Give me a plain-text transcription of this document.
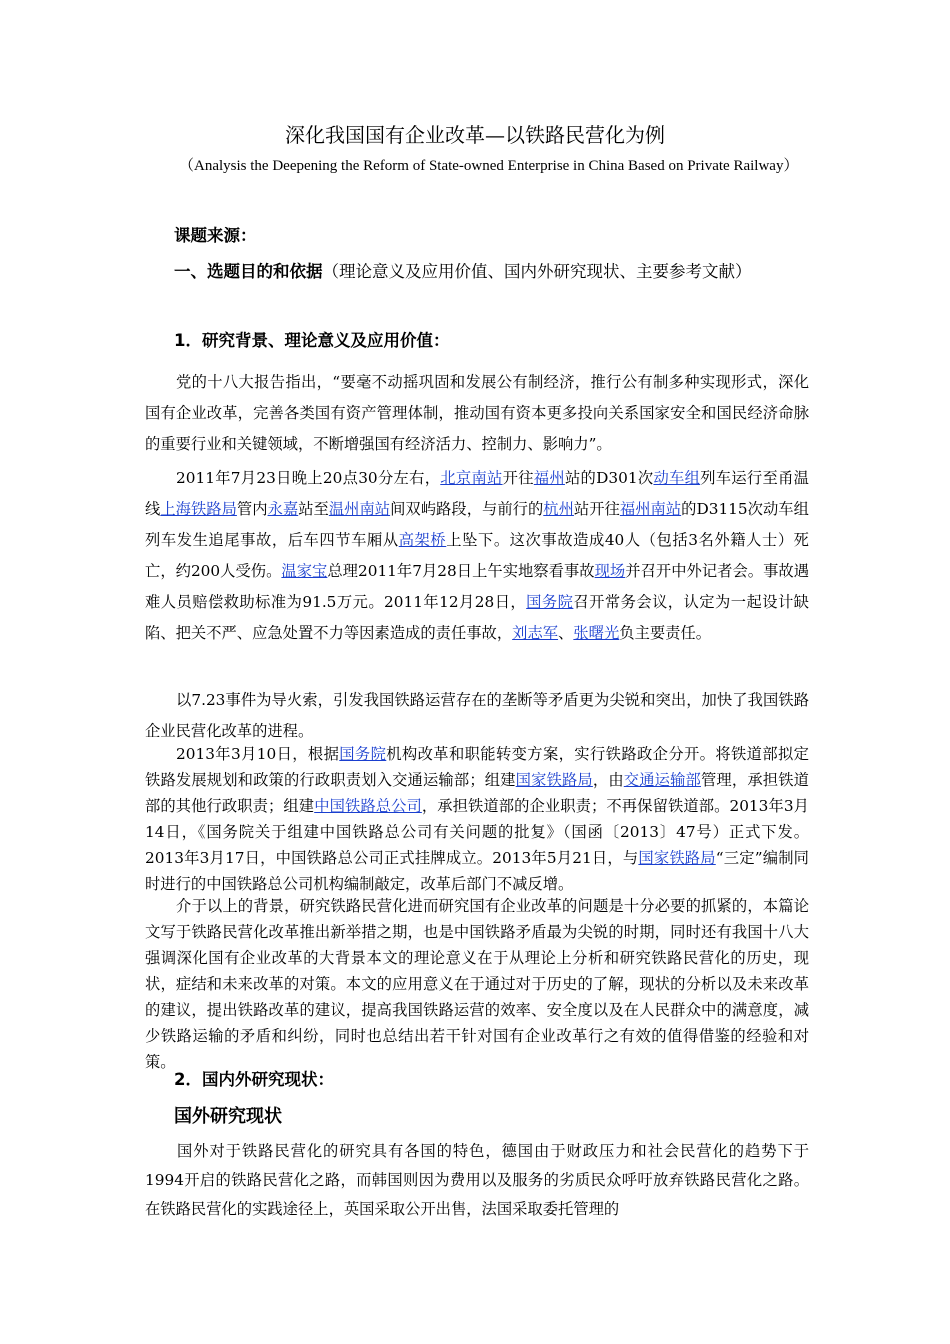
深化我国国有企业改革—以铁路民营化为例
（Analysis the Deepening the Reform of State-owned Enterprise in China Based on Private Railway）
课题来源：
一、选题目的和依据（理论意义及应用价值、国内外研究现状、主要参考文献）
1．研究背景、理论意义及应用价值：
党的十八大报告指出，“要毫不动摇巩固和发展公有制经济，推行公有制多种实现形式，深化国有企业改革，完善各类国有资产管理体制，推动国有资本更多投向关系国家安全和国民经济命脉的重要行业和关键领域，不断增强国有经济活力、控制力、影响力”。
2011年7月23日晚上20点30分左右，北京南站开往福州站的D301次动车组列车运行至甬温线上海铁路局管内永嘉站至温州南站间双屿路段，与前行的杭州站开往福州南站的D3115次动车组列车发生追尾事故，后车四节车厢从高架桥上坠下。这次事故造成40人（包括3名外籍人士）死亡，约200人受伤。温家宝总理2011年7月28日上午实地察看事故现场并召开中外记者会。事故遇难人员赔偿救助标准为91.5万元。2011年12月28日，国务院召开常务会议，认定为一起设计缺陷、把关不严、应急处置不力等因素造成的责任事故，刘志军、张曙光负主要责任。
以7.23事件为导火索，引发我国铁路运营存在的垄断等矛盾更为尖锐和突出，加快了我国铁路企业民营化改革的进程。
2013年3月10日，根据国务院机构改革和职能转变方案，实行铁路政企分开。将铁道部拟定铁路发展规划和政策的行政职责划入交通运输部；组建国家铁路局，由交通运输部管理，承担铁道部的其他行政职责；组建中国铁路总公司，承担铁道部的企业职责；不再保留铁道部。2013年3月14日，《国务院关于组建中国铁路总公司有关问题的批复》（国函〔2013〕47号）正式下发。2013年3月17日，中国铁路总公司正式挂牌成立。2013年5月21日，与国家铁路局“三定”编制同时进行的中国铁路总公司机构编制敲定，改革后部门不减反增。
介于以上的背景，研究铁路民营化进而研究国有企业改革的问题是十分必要的抓紧的，本篇论文写于铁路民营化改革推出新举措之期，也是中国铁路矛盾最为尖锐的时期，同时还有我国十八大强调深化国有企业改革的大背景本文的理论意义在于从理论上分析和研究铁路民营化的历史，现状，症结和未来改革的对策。本文的应用意义在于通过对于历史的了解，现状的分析以及未来改革的建议，提出铁路改革的建议，提高我国铁路运营的效率、安全度以及在人民群众中的满意度，减少铁路运输的矛盾和纠纷，同时也总结出若干针对国有企业改革行之有效的值得借鉴的经验和对策。
2．国内外研究现状：
国外研究现状
国外对于铁路民营化的研究具有各国的特色，德国由于财政压力和社会民营化的趋势下于1994开启的铁路民营化之路，而韩国则因为费用以及服务的劣质民众呼吁放弃铁路民营化之路。在铁路民营化的实践途径上，英国采取公开出售，法国采取委托管理的
